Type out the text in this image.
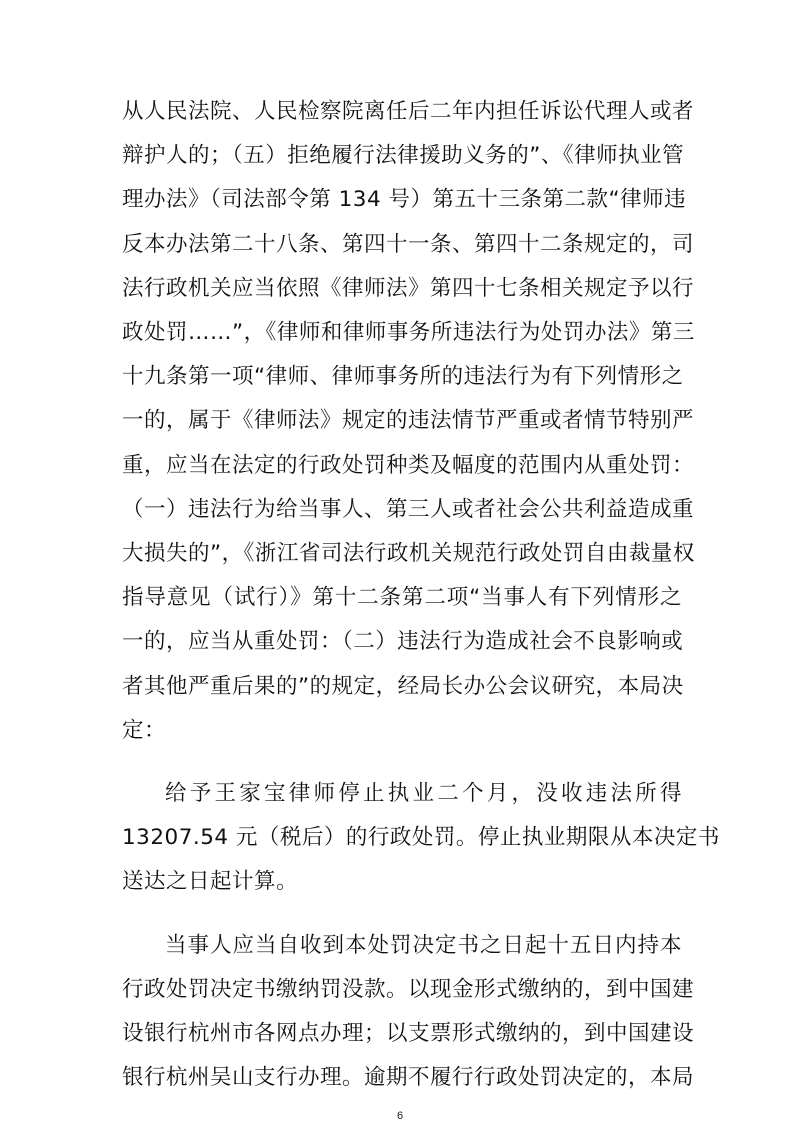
从人民法院、人民检察院离任后二年内担任诉讼代理人或者
辩护人的；（五）拒绝履行法律援助义务的”、《律师执业管
理办法》（司法部令第 134 号）第五十三条第二款“律师违
反本办法第二十八条、第四十一条、第四十二条规定的，司
法行政机关应当依照《律师法》第四十七条相关规定予以行
政处罚……”，《律师和律师事务所违法行为处罚办法》第三
十九条第一项“律师、律师事务所的违法行为有下列情形之
一的，属于《律师法》规定的违法情节严重或者情节特别严
重，应当在法定的行政处罚种类及幅度的范围内从重处罚：
（一）违法行为给当事人、第三人或者社会公共利益造成重
大损失的”，《浙江省司法行政机关规范行政处罚自由裁量权
指导意见（试行）》第十二条第二项“当事人有下列情形之
一的，应当从重处罚：（二）违法行为造成社会不良影响或
者其他严重后果的”的规定，经局长办公会议研究，本局决
定：
给予王家宝律师停止执业二个月，没收违法所得
13207.54 元（税后）的行政处罚。停止执业期限从本决定书
送达之日起计算。
当事人应当自收到本处罚决定书之日起十五日内持本
行政处罚决定书缴纳罚没款。以现金形式缴纳的，到中国建
设银行杭州市各网点办理；以支票形式缴纳的，到中国建设
银行杭州吴山支行办理。逾期不履行行政处罚决定的，本局
6
